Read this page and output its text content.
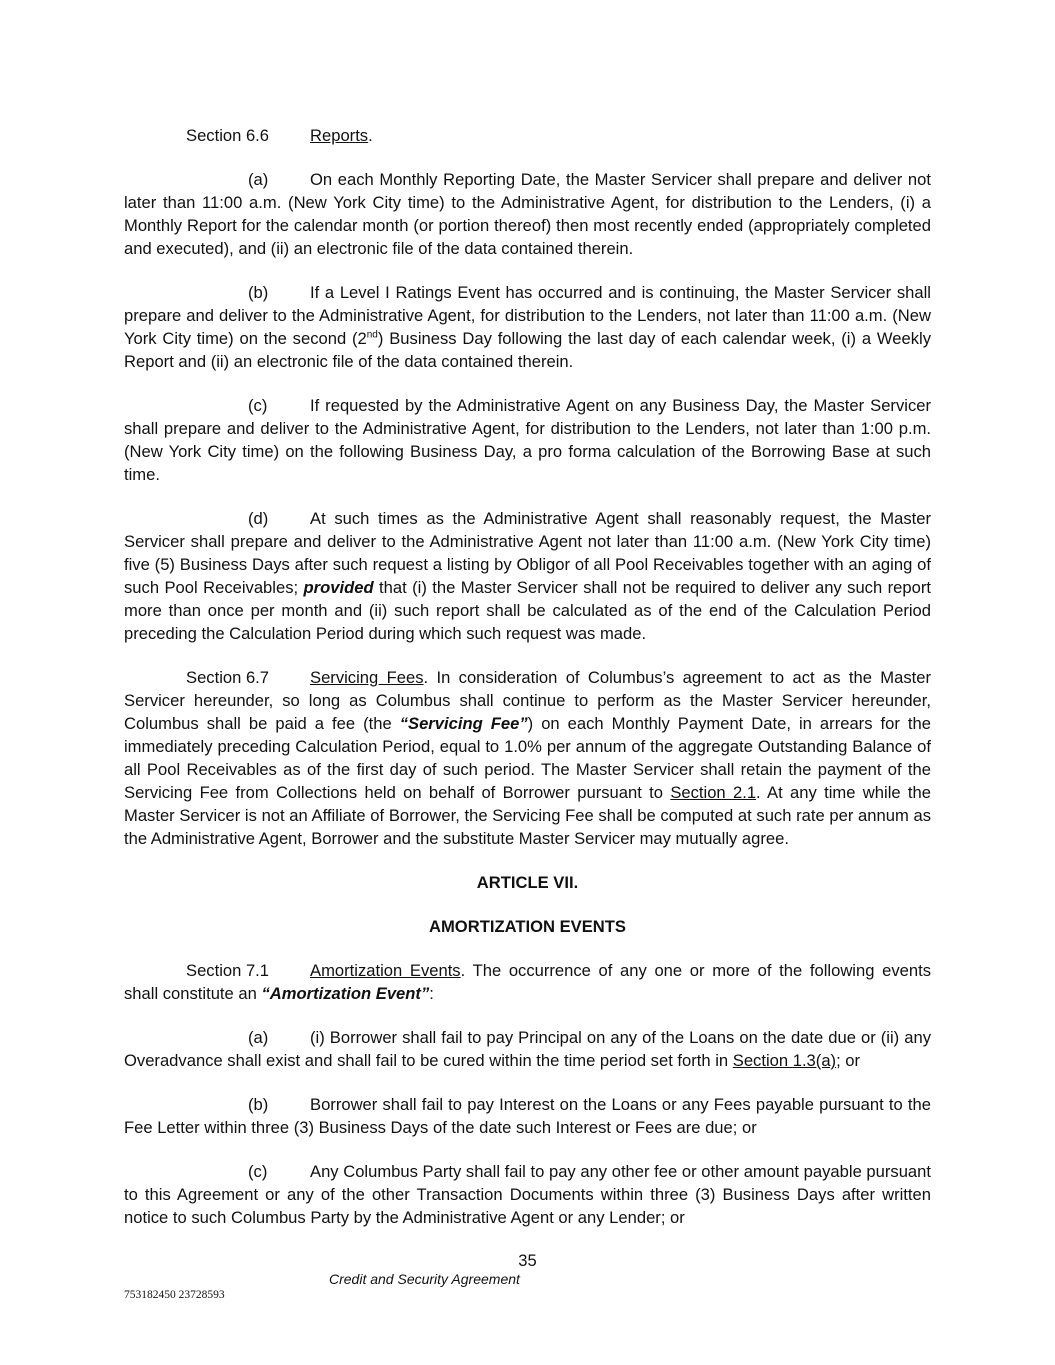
Section 6.6 Reports.

(a)	On each Monthly Reporting Date, the Master Servicer shall prepare and deliver not later than 11:00 a.m. (New York City time) to the Administrative Agent, for distribution to the Lenders, (i) a Monthly Report for the calendar month (or portion thereof) then most recently ended (appropriately completed and executed), and (ii) an electronic file of the data contained therein.

(b)	If a Level I Ratings Event has occurred and is continuing, the Master Servicer shall prepare and deliver to the Administrative Agent, for distribution to the Lenders, not later than 11:00 a.m. (New York City time) on the second (2nd) Business Day following the last day of each calendar week, (i) a Weekly Report and (ii) an electronic file of the data contained therein.

(c)	If requested by the Administrative Agent on any Business Day, the Master Servicer shall prepare and deliver to the Administrative Agent, for distribution to the Lenders, not later than 1:00 p.m. (New York City time) on the following Business Day, a pro forma calculation of the Borrowing Base at such time.

(d)	At such times as the Administrative Agent shall reasonably request, the Master Servicer shall prepare and deliver to the Administrative Agent not later than 11:00 a.m. (New York City time) five (5) Business Days after such request a listing by Obligor of all Pool Receivables together with an aging of such Pool Receivables; provided that (i) the Master Servicer shall not be required to deliver any such report more than once per month and (ii) such report shall be calculated as of the end of the Calculation Period preceding the Calculation Period during which such request was made.

Section 6.7 Servicing Fees. In consideration of Columbus’s agreement to act as the Master Servicer hereunder, so long as Columbus shall continue to perform as the Master Servicer hereunder, Columbus shall be paid a fee (the “Servicing Fee”) on each Monthly Payment Date, in arrears for the immediately preceding Calculation Period, equal to 1.0% per annum of the aggregate Outstanding Balance of all Pool Receivables as of the first day of such period. The Master Servicer shall retain the payment of the Servicing Fee from Collections held on behalf of Borrower pursuant to Section 2.1. At any time while the Master Servicer is not an Affiliate of Borrower, the Servicing Fee shall be computed at such rate per annum as the Administrative Agent, Borrower and the substitute Master Servicer may mutually agree.

ARTICLE VII.

AMORTIZATION EVENTS

Section 7.1 Amortization Events. The occurrence of any one or more of the following events shall constitute an “Amortization Event”:

(a)	(i) Borrower shall fail to pay Principal on any of the Loans on the date due or (ii) any Overadvance shall exist and shall fail to be cured within the time period set forth in Section 1.3(a); or

(b)	Borrower shall fail to pay Interest on the Loans or any Fees payable pursuant to the Fee Letter within three (3) Business Days of the date such Interest or Fees are due; or

(c)	Any Columbus Party shall fail to pay any other fee or other amount payable pursuant to this Agreement or any of the other Transaction Documents within three (3) Business Days after written notice to such Columbus Party by the Administrative Agent or any Lender; or

35
Credit and Security Agreement
753182450 23728593
